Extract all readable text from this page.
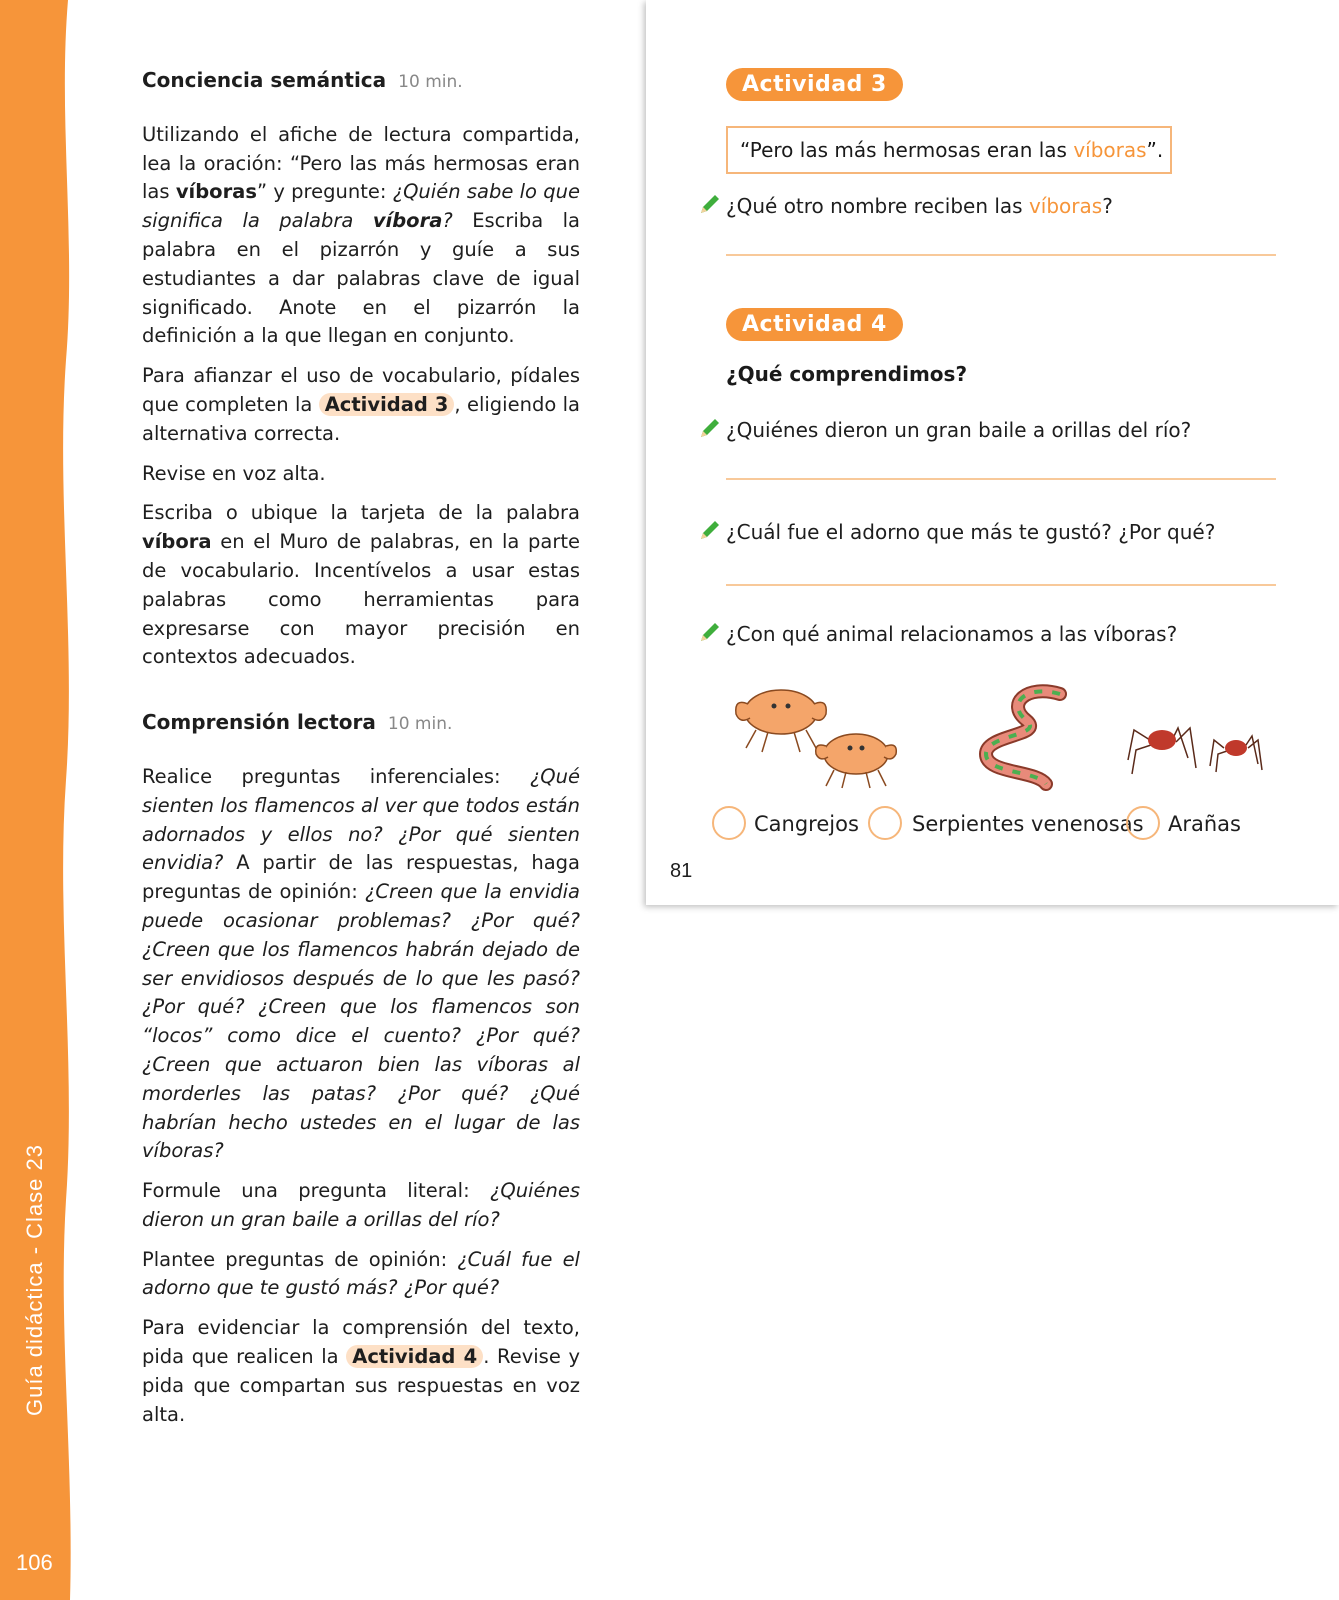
Guía didáctica - Clase 23
106
Conciencia semántica 10 min.

Utilizando el afiche de lectura compartida, lea la oración: “Pero las más hermosas eran las víboras” y pregunte: ¿Quién sabe lo que significa la palabra víbora? Escriba la palabra en el pizarrón y guíe a sus estudiantes a dar palabras clave de igual significado. Anote en el pizarrón la definición a la que llegan en conjunto.

Para afianzar el uso de vocabulario, pídales que completen la Actividad 3 , eligiendo la alternativa correcta.

Revise en voz alta.

Escriba o ubique la tarjeta de la palabra víbora en el Muro de palabras, en la parte de vocabulario. Incentívelos a usar estas palabras como herramientas para expresarse con mayor precisión en contextos adecuados.

Comprensión lectora 10 min.

Realice preguntas inferenciales: ¿Qué sienten los flamencos al ver que todos están adornados y ellos no? ¿Por qué sienten envidia? A partir de las respuestas, haga preguntas de opinión: ¿Creen que la envidia puede ocasionar problemas? ¿Por qué? ¿Creen que los flamencos habrán dejado de ser envidiosos después de lo que les pasó? ¿Por qué? ¿Creen que los flamencos son “locos” como dice el cuento? ¿Por qué? ¿Creen que actuaron bien las víboras al morderles las patas? ¿Por qué? ¿Qué habrían hecho ustedes en el lugar de las víboras?

Formule una pregunta literal: ¿Quiénes dieron un gran baile a orillas del río?

Plantee preguntas de opinión: ¿Cuál fue el adorno que te gustó más? ¿Por qué?

Para evidenciar la comprensión del texto, pida que realicen la Actividad 4 . Revise y pida que compartan sus respuestas en voz alta.

Actividad 3
“Pero las más hermosas eran las víboras”.
¿Qué otro nombre reciben las víboras?
Actividad 4
¿Qué comprendimos?
¿Quiénes dieron un gran baile a orillas del río?
¿Cuál fue el adorno que más te gustó? ¿Por qué?
¿Con qué animal relacionamos a las víboras?
Cangrejos	Serpientes venenosas Arañas
81
